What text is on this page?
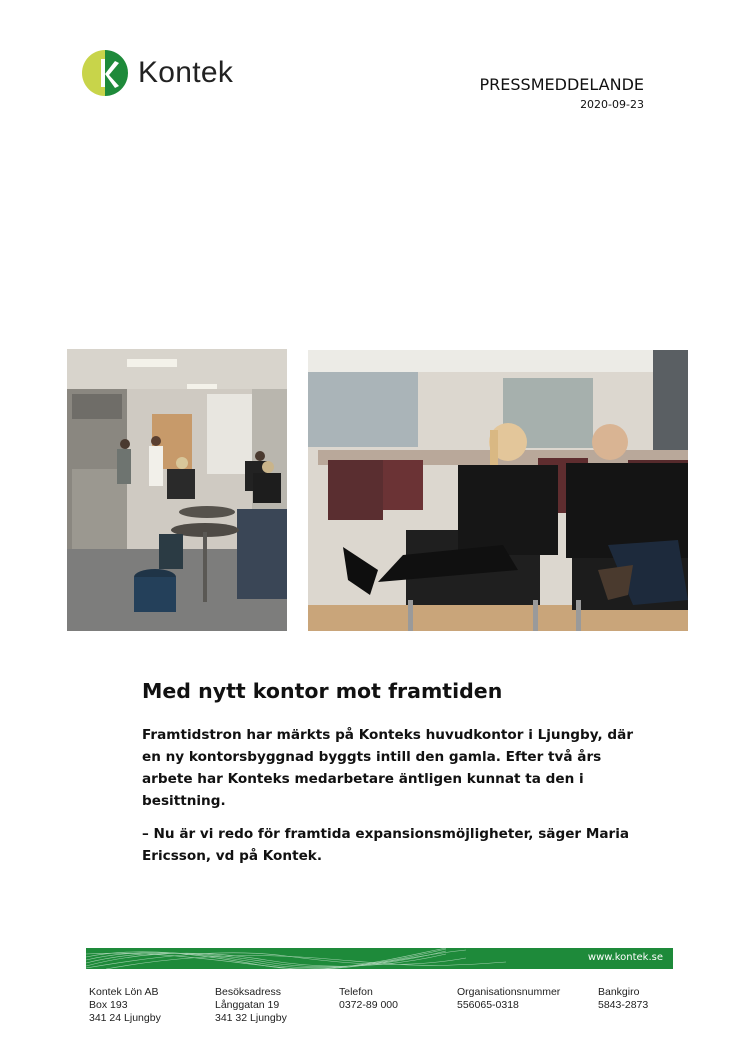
Kontek	PRESSMEDDELANDE
2020-09-23
Med nytt kontor mot framtiden

Framtidstron har märkts på Konteks huvudkontor i Ljungby, där en ny kontorsbyggnad byggts intill den gamla. Efter två års arbete har Konteks medarbetare äntligen kunnat ta den i besittning.

– Nu är vi redo för framtida expansionsmöjligheter, säger Maria Ericsson, vd på Kontek.

www.kontek.se
Kontek Lön AB
Box 193
341 24 Ljungby
Besöksadress
Långgatan 19
341 32 Ljungby
Telefon
0372-89 000
Organisationsnummer
556065-0318
Bankgiro
5843-2873
